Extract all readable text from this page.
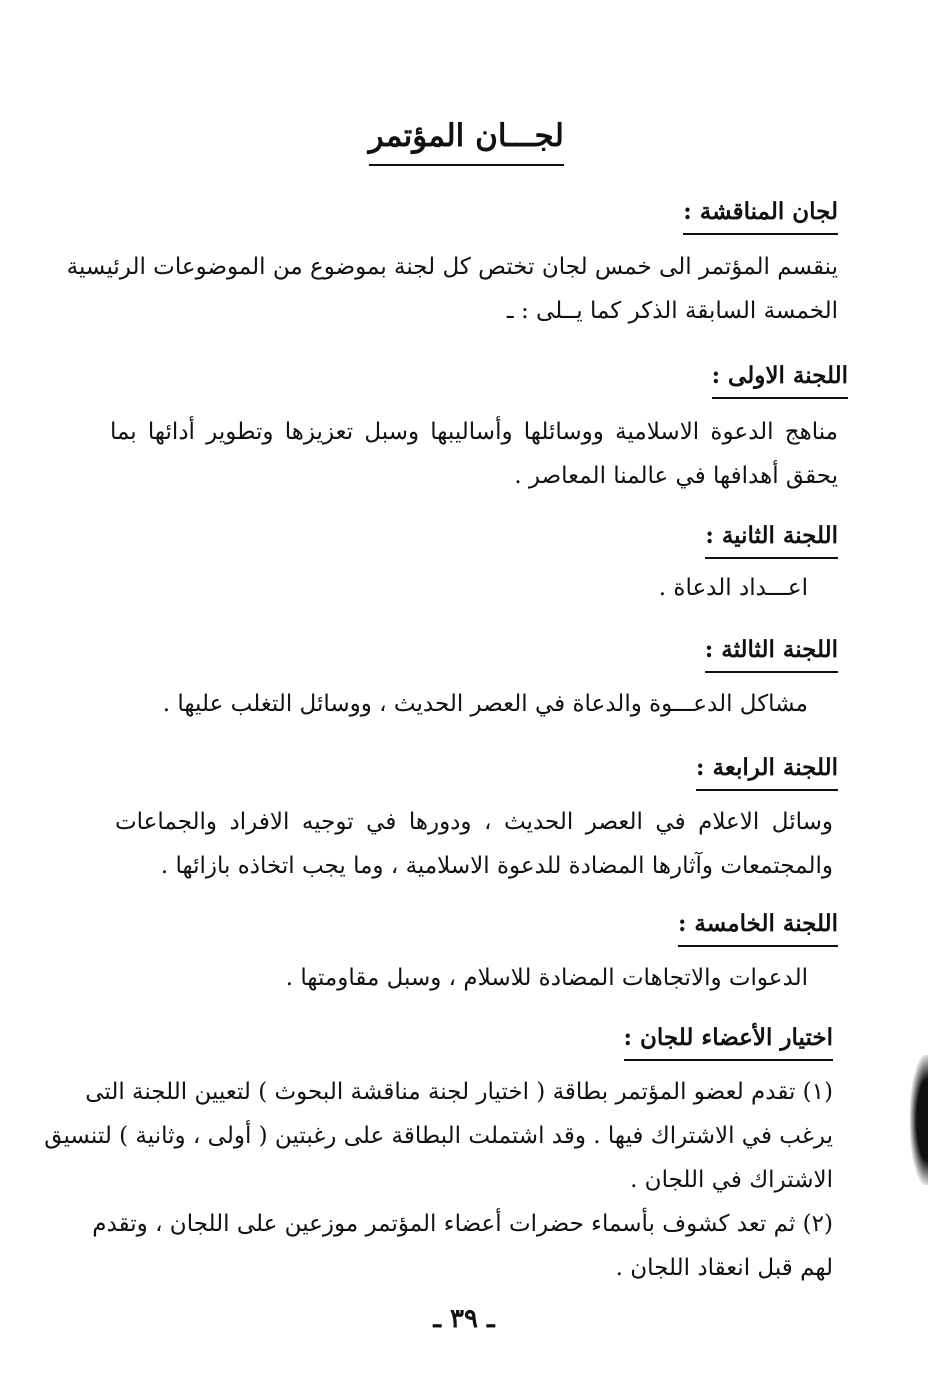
لجـــان المؤتمر
لجان المناقشة :
ينقسم المؤتمر الى خمس لجان تختص كل لجنة بموضوع من الموضوعات الرئيسية
الخمسة السابقة الذكر كما يــلى : ـ
اللجنة الاولى :
مناهج الدعوة الاسلامية ووسائلها وأساليبها وسبل تعزيزها وتطوير أدائها بما
يحقق أهدافها في عالمنا المعاصر .
اللجنة الثانية :
اعـــداد الدعاة .
اللجنة الثالثة :
مشاكل الدعـــوة والدعاة في العصر الحديث ، ووسائل التغلب عليها .
اللجنة الرابعة :
وسائل الاعلام في العصر الحديث ، ودورها في توجيه الافراد والجماعات
والمجتمعات وآثارها المضادة للدعوة الاسلامية ، وما يجب اتخاذه بازائها .
اللجنة الخامسة :
الدعوات والاتجاهات المضادة للاسلام ، وسبل مقاومتها .
اختيار الأعضاء للجان :
(١) تقدم لعضو المؤتمر بطاقة ( اختيار لجنة مناقشة البحوث ) لتعيين اللجنة التى
يرغب في الاشتراك فيها . وقد اشتملت البطاقة على رغبتين ( أولى ، وثانية ) لتنسيق
الاشتراك في اللجان .
(٢) ثم تعد كشوف بأسماء حضرات أعضاء المؤتمر موزعين على اللجان ، وتقدم
لهم قبل انعقاد اللجان .
ـ ٣٩ ـ
